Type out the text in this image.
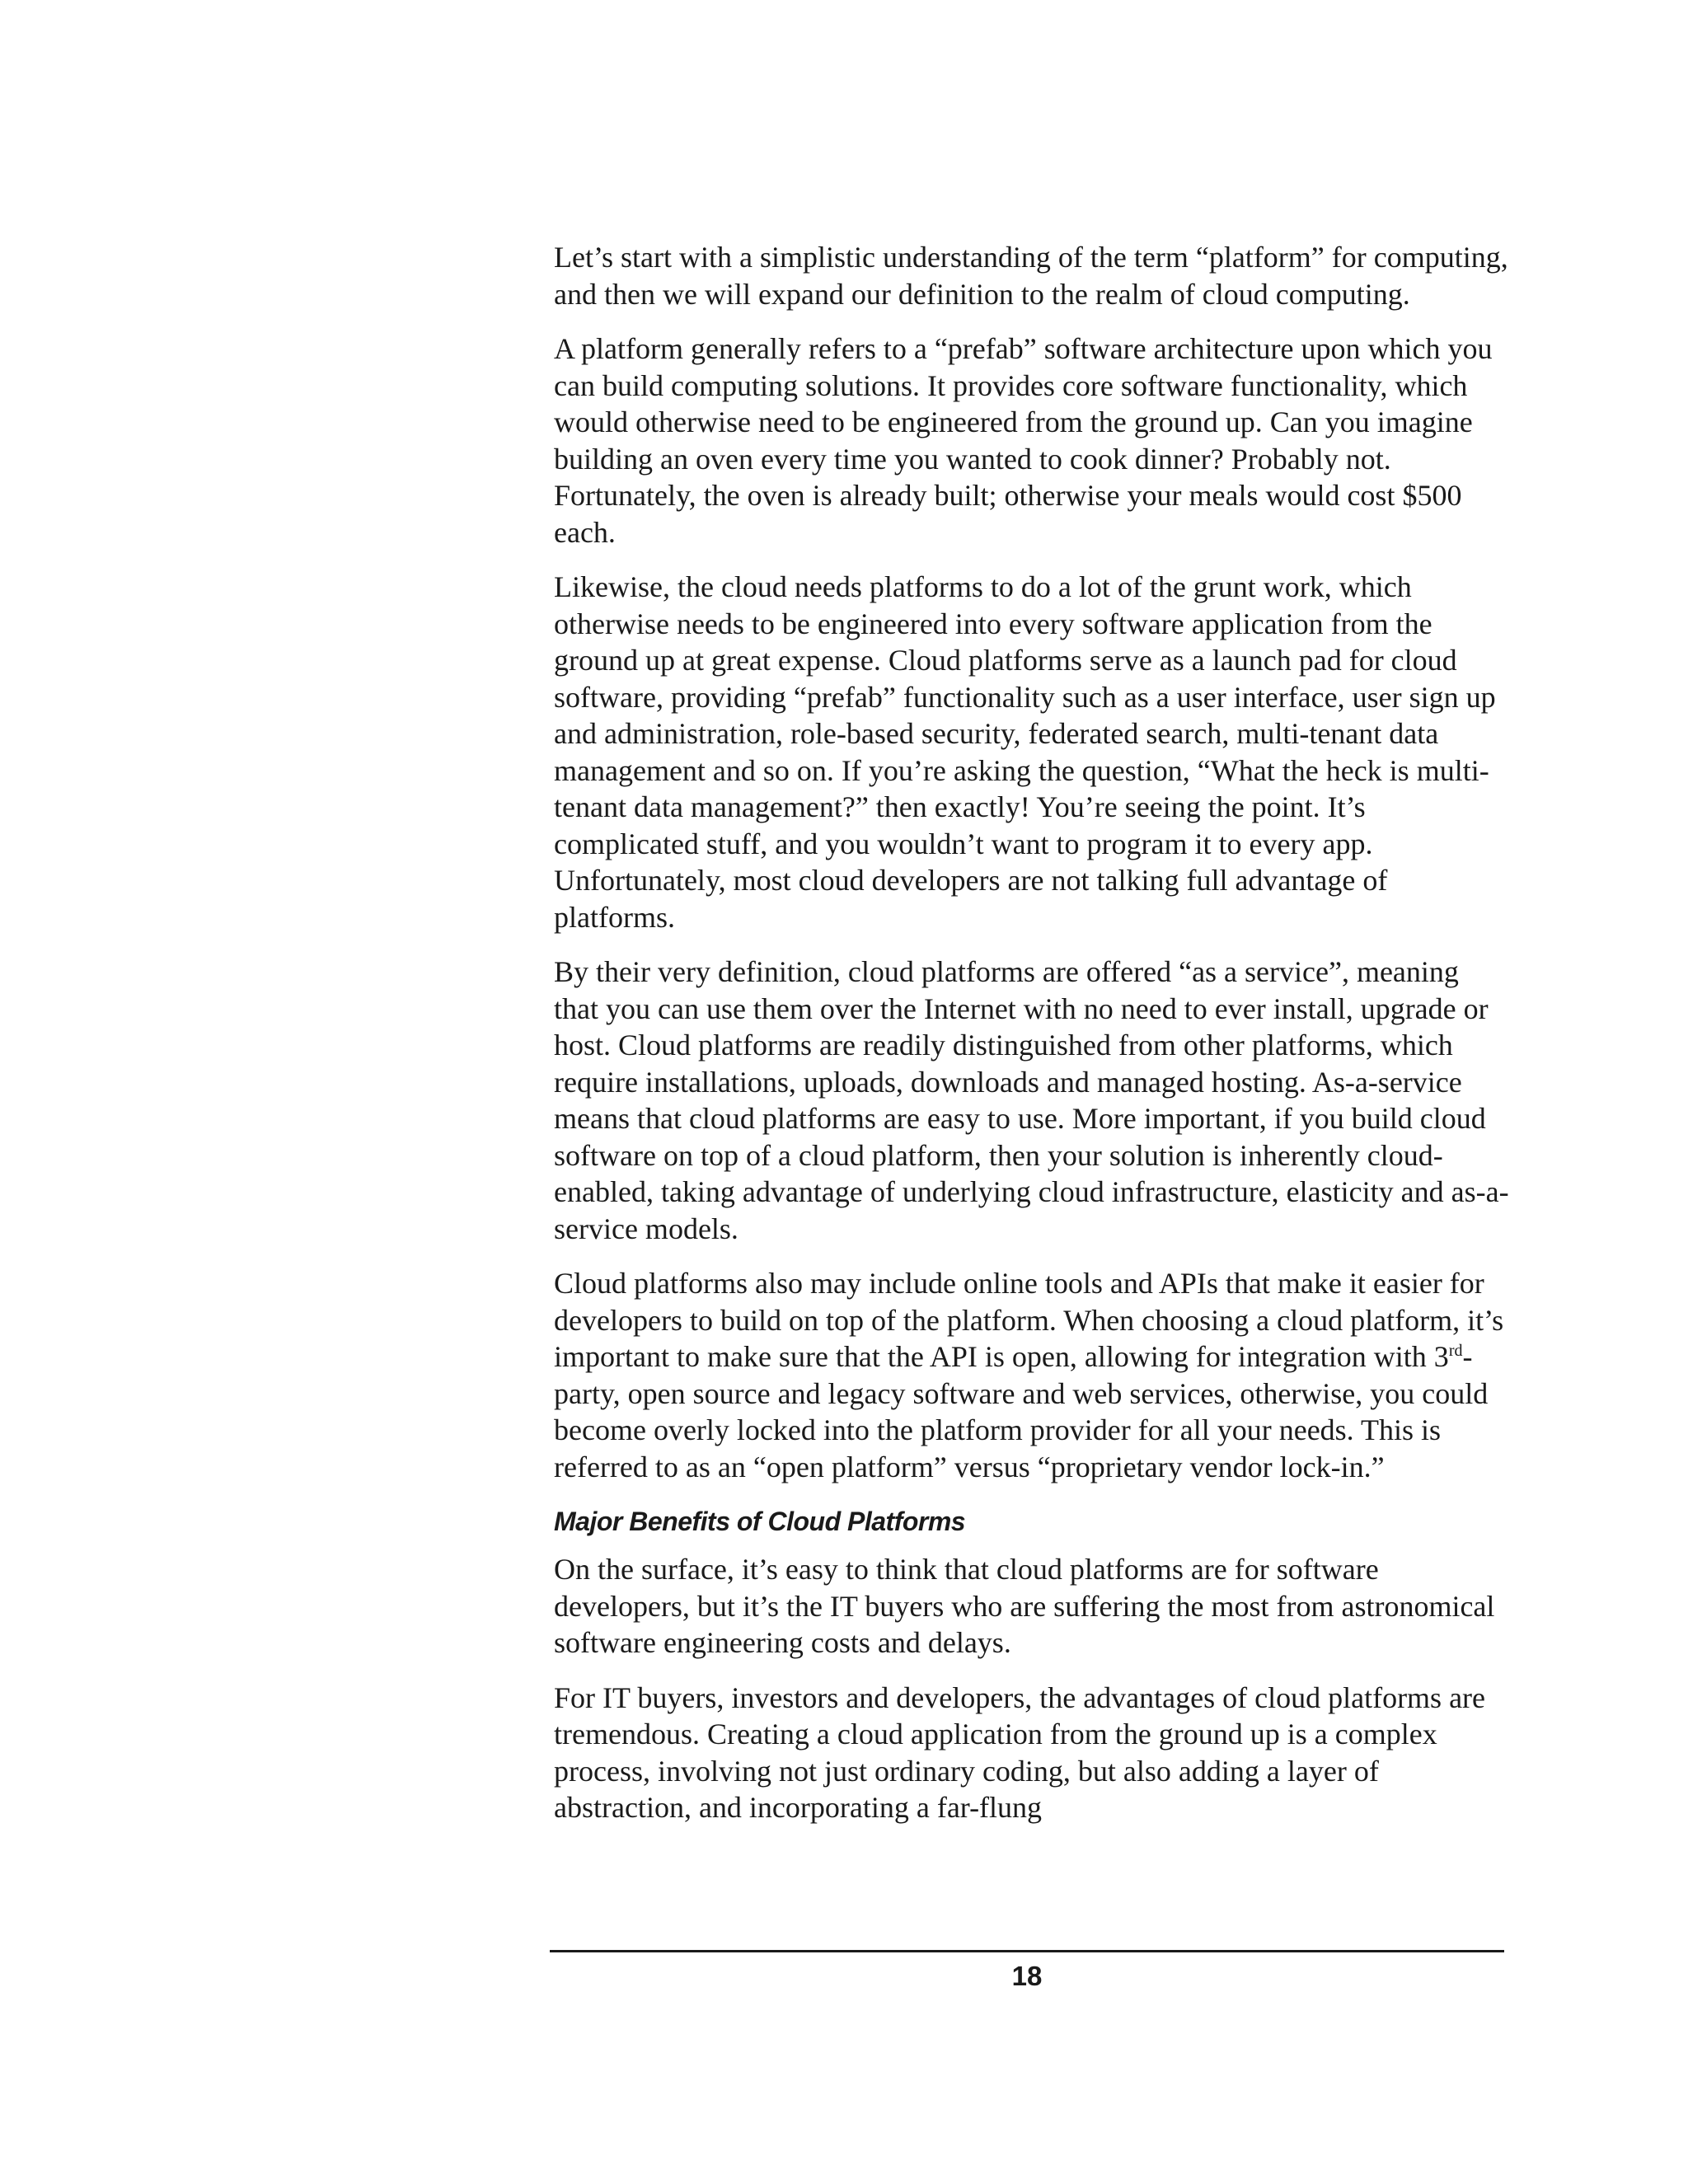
Let’s start with a simplistic understanding of the term “platform” for computing, and then we will expand our definition to the realm of cloud computing.

A platform generally refers to a “prefab” software architecture upon which you can build computing solutions. It provides core software functionality, which would otherwise need to be engineered from the ground up. Can you imagine building an oven every time you wanted to cook dinner? Probably not. Fortunately, the oven is already built; otherwise your meals would cost $500 each.

Likewise, the cloud needs platforms to do a lot of the grunt work, which otherwise needs to be engineered into every software application from the ground up at great expense. Cloud platforms serve as a launch pad for cloud software, providing “prefab” functionality such as a user interface, user sign up and administration, role-based security, federated search, multi-tenant data management and so on. If you’re asking the question, “What the heck is multi-tenant data management?” then exactly! You’re seeing the point. It’s complicated stuff, and you wouldn’t want to program it to every app. Unfortunately, most cloud developers are not talking full advantage of platforms.

By their very definition, cloud platforms are offered “as a service”, meaning that you can use them over the Internet with no need to ever install, upgrade or host. Cloud platforms are readily distinguished from other platforms, which require installations, uploads, downloads and managed hosting. As-a-service means that cloud platforms are easy to use. More important, if you build cloud software on top of a cloud platform, then your solution is inherently cloud-enabled, taking advantage of underlying cloud infrastructure, elasticity and as-a-service models.

Cloud platforms also may include online tools and APIs that make it easier for developers to build on top of the platform. When choosing a cloud platform, it’s important to make sure that the API is open, allowing for integration with 3rd-party, open source and legacy software and web services, otherwise, you could become overly locked into the platform provider for all your needs. This is referred to as an “open platform” versus “proprietary vendor lock-in.”

Major Benefits of Cloud Platforms

On the surface, it’s easy to think that cloud platforms are for software developers, but it’s the IT buyers who are suffering the most from astronomical software engineering costs and delays.

For IT buyers, investors and developers, the advantages of cloud platforms are tremendous. Creating a cloud application from the ground up is a complex process, involving not just ordinary coding, but also adding a layer of abstraction, and incorporating a far-flung

18
